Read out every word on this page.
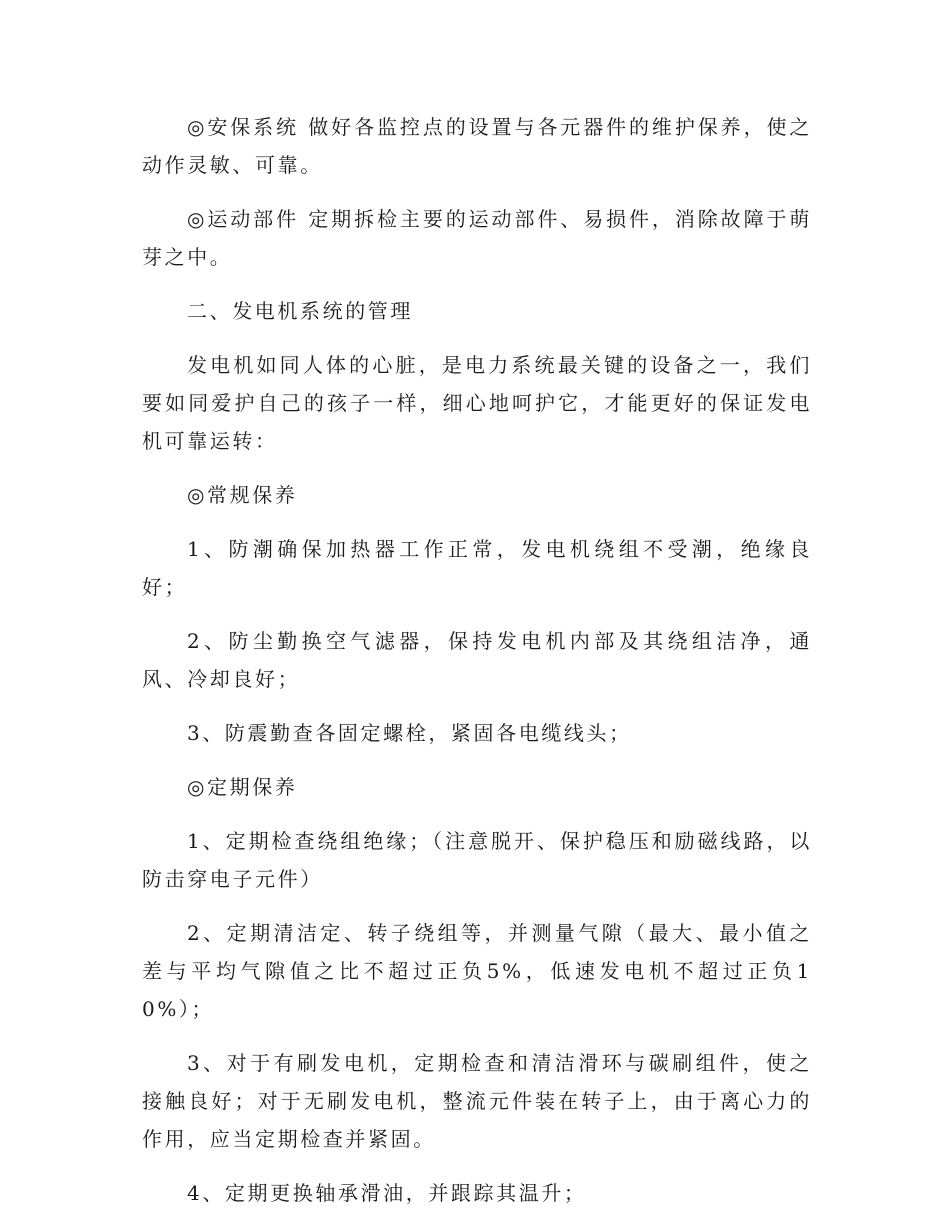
◎安保系统 做好各监控点的设置与各元器件的维护保养，使之动作灵敏、可靠。

◎运动部件 定期拆检主要的运动部件、易损件，消除故障于萌芽之中。

二、发电机系统的管理

发电机如同人体的心脏，是电力系统最关键的设备之一，我们要如同爱护自己的孩子一样，细心地呵护它，才能更好的保证发电机可靠运转：

◎常规保养

1、防潮确保加热器工作正常，发电机绕组不受潮，绝缘良好；

2、防尘勤换空气滤器，保持发电机内部及其绕组洁净，通风、冷却良好；

3、防震勤查各固定螺栓，紧固各电缆线头；

◎定期保养

1、定期检查绕组绝缘；（注意脱开、保护稳压和励磁线路，以防击穿电子元件）

2、定期清洁定、转子绕组等，并测量气隙（最大、最小值之差与平均气隙值之比不超过正负5%，低速发电机不超过正负10%）；

3、对于有刷发电机，定期检查和清洁滑环与碳刷组件，使之接触良好；对于无刷发电机，整流元件装在转子上，由于离心力的作用，应当定期检查并紧固。

4、定期更换轴承滑油，并跟踪其温升；
